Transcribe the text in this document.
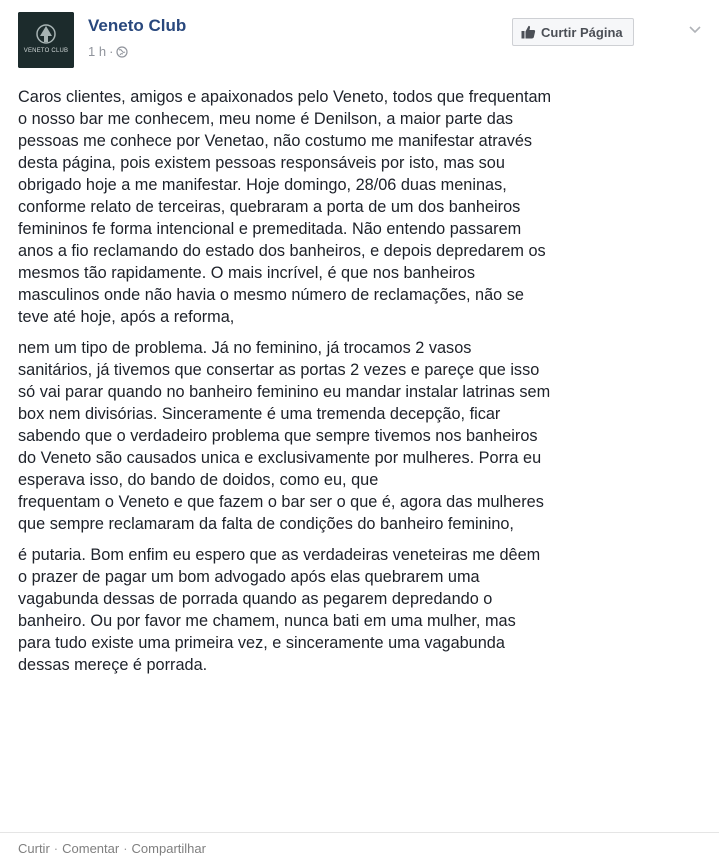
VENETO CLUB
Veneto Club
1 h ·
Curtir Página

Caros clientes, amigos e apaixonados pelo Veneto, todos que frequentam
o nosso bar me conhecem, meu nome é Denilson, a maior parte das
pessoas me conhece por Venetao, não costumo me manifestar através
desta página, pois existem pessoas responsáveis por isto, mas sou
obrigado hoje a me manifestar. Hoje domingo, 28/06 duas meninas,
conforme relato de terceiras, quebraram a porta de um dos banheiros
femininos fe forma intencional e premeditada. Não entendo passarem
anos a fio reclamando do estado dos banheiros, e depois depredarem os
mesmos tão rapidamente. O mais incrível, é que nos banheiros
masculinos onde não havia o mesmo número de reclamações, não se
teve até hoje, após a reforma,

nem um tipo de problema. Já no feminino, já trocamos 2 vasos
sanitários, já tivemos que consertar as portas 2 vezes e pareçe que isso
só vai parar quando no banheiro feminino eu mandar instalar latrinas sem
box nem divisórias. Sinceramente é uma tremenda decepção, ficar
sabendo que o verdadeiro problema que sempre tivemos nos banheiros
do Veneto são causados unica e exclusivamente por mulheres. Porra eu
esperava isso, do bando de doidos, como eu, que
frequentam o Veneto e que fazem o bar ser o que é, agora das mulheres
que sempre reclamaram da falta de condições do banheiro feminino,

é putaria. Bom enfim eu espero que as verdadeiras veneteiras me dêem
o prazer de pagar um bom advogado após elas quebrarem uma
vagabunda dessas de porrada quando as pegarem depredando o
banheiro. Ou por favor me chamem, nunca bati em uma mulher, mas
para tudo existe uma primeira vez, e sinceramente uma vagabunda
dessas mereçe é porrada.

Curtir · Comentar · Compartilhar
